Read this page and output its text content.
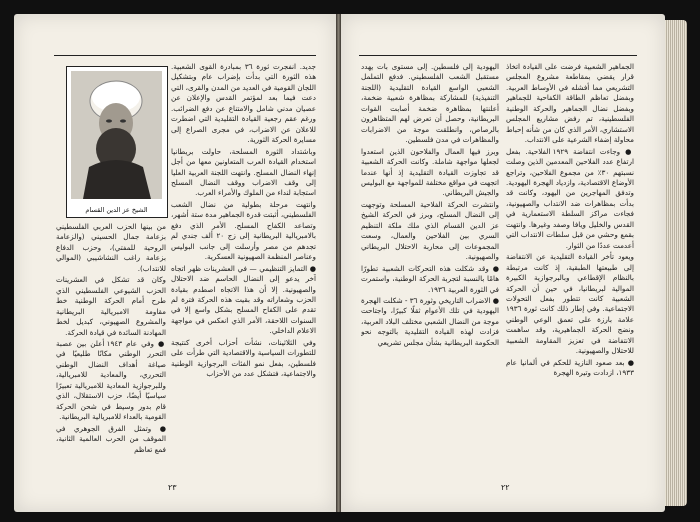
الشيخ عز الدين القسام

جديد. انفجرت ثورة ٣٦ بمبادرة القوى الشعبية. هذه الثورة التي بدأت بإضراب عام وبتشكيل اللجان القومية في العديد من المدن والقرى، التي دعت فيما بعد لمؤتمر القدس والإعلان عن عصيان مدني شامل والامتناع عن دفع الضرائب. ورغم عقم رجعية القيادة التقليدية التي اضطرت للاعلان عن الاضراب، في مجرى الصراع إلى مسايرة الحركة الثورية.

وباشتداد الثورة المسلحة، حاولت بريطانيا استخدام القيادة العرب المتعاونين معها من أجل إنهاء النضال المسلح. وانتهت اللجنة العربية العليا إلى وقف الاضراب ووقف النضال المسلح استجابة لنداء من الملوك والأمراء العرب.

وانتهت مرحلة بطولية من نضال الشعب الفلسطيني، أثبتت قدرة الجماهير مدة ستة أشهر، وتصاعد الكفاح المسلح. الأمر الذي دفع بالامبريالية البريطانية إلى زج ٢٠ ألف جندي لم تجدهم من مصر وأرسلت إلى جانب البوليس وعناصر المنظمة الصهيونية العسكرية.

● التمايز التنظيمي — في العشرينات ظهر اتجاه آخر يدعو إلى النضال الحاسم ضد الاحتلال والصهيونية. إلا أن هذا الاتجاه اصطدم بقيادة الحزب وشعاراته وقد بقيت هذه الحركة فترة لم تقدم على الكفاح المسلح بشكل واسع إلا في السنوات اللاحقة، الأمر الذي انعكس في مواجهة الاعلام الداخلي.

وفي الثلاثينات، نشأت أحزاب أخرى كنتيجة للتطورات السياسية والاقتصادية التي طرأت على فلسطين، بفعل نمو الفئات البرجوازية الوطنية والاجتماعية، فتشكل عدد من الأحزاب

من بينها الحزب العربي الفلسطيني بزعامة جمال الحسيني (والزعامة الروحية للمفتي)، وحزب الدفاع بزعامة راغب النشاشيبي (الموالي للانتداب).

وكان قد تشكل في العشرينات الحزب الشيوعي الفلسطيني الذي طرح أمام الحركة الوطنية خط مقاومة الامبريالية البريطانية والمشروع الصهيوني، كبديل لخط المهادنة السائدة في قيادة الحركة.

● وفي عام ١٩٤٣ أعلن بين عصبة التحرر الوطني مكانًا طليعيًا في صياغة أهداف النضال الوطني التحرري، والمعادية للامبريالية، وللبرجوازية المعادية للامبريالية تعبيرًا سياسيًا أيضًا، حزب الاستقلال، الذي قام بدور وسيط في شحن الحركة القومية بالعداء للامبريالية البريطانية.

● وتمثل الفرق الجوهري في الموقف من الحرب العالمية الثانية، فمع تعاظم

٢٣

الجماهير الشعبية فرضت على القيادة اتخاذ قرار يقضي بمقاطعة مشروع المجلس التشريعي مما أفشله في الأوساط العربية. وبفضل تعاظم الطاقة الكفاحية للجماهير وبفضل نضال الجماهير والحركة الوطنية الفلسطينية، تم رفض مشاريع المجلس الاستشاري، الأمر الذي كان من شأنه إحباط محاولة إضفاء الشرعية على الانتداب.

● وجاءت انتفاضة ١٩٢٩ الفلاحية. بفعل ارتفاع عدد الفلاحين المعدمين الذين وصلت نسبتهم ٣٠٪ من مجموع الفلاحين، وتراجع الأوضاع الاقتصادية، وازدياد الهجرة اليهودية. وتدفق المهاجرين من اليهود، وكانت قد بدأت بمظاهرات ضد الانتداب والصهيونية، فجاءت مراكز السلطة الاستعمارية في القدس والخليل ويافا وصفد وغيرها. وانتهت بقمع وحشي من قبل سلطات الانتداب التي أعدمت عددًا من الثوار.

ويعود تأخر القيادة التقليدية عن الانتفاضة إلى طبيعتها الطبقية، إذ كانت مرتبطة بالنظام الإقطاعي وبالبرجوازية الكبيرة الموالية لبريطانيا، في حين أن الحركة الشعبية كانت تتطور بفعل التحولات الاجتماعية. وفي إطار ذلك كانت ثورة ١٩٣٦ علامة بارزة على تعمق الوعي الوطني ونضج الحركة الجماهيرية، وقد ساهمت الانتفاضة في تعزيز المقاومة الشعبية للاحتلال والصهيونية.

● بعد صعود النازية للحكم في ألمانيا عام ١٩٣٣، ازدادت وتيرة الهجرة

اليهودية إلى فلسطين. إلى مستوى بات يهدد مستقبل الشعب الفلسطيني. فدفع التململ الشعبي الواسع القيادة التقليدية (اللجنة التنفيذية) للمشاركة بمظاهرة شعبية ضخمة، أعلنتها بمظاهرة ضخمة أصابت القوات البريطانية، وحصل أن تعرض لهم المتظاهرون بالرصاص، وانطلقت موجة من الاضرابات والمظاهرات في مدن فلسطين.

وبرز فيها العمال والفلاحون الذين استعدوا لجعلها مواجهة شاملة. وكانت الحركة الشعبية قد تجاوزت القيادة التقليدية إذ أنها عندما اتجهت في مواقع مختلفة للمواجهة مع البوليس والجيش البريطاني.

وانتشرت الحركة الفلاحية المسلحة وتوجهت إلى النضال المسلح، وبرز في الحركة الشيخ عز الدين القسام الذي ملك ملكة التنظيم السري بين الفلاحين والعمال، وسعت المجموعات إلى محاربة الاحتلال البريطاني والصهيونية.

● وقد شكلت هذه التحركات الشعبية تطورًا هامًا بالنسبة لتجربة الحركة الوطنية، واستمرت في الثورة العربية ١٩٣٦.

● الاضراب التاريخي وثورة ٣٦ - شكلت الهجرة اليهودية في تلك الأعوام ثقلًا كبيرًا، واجتاحت موجة من النضال الشعبي مختلف البلاد العربية، فزادت لهذه القيادة التقليدية بالتوجه نحو الحكومة البريطانية بشأن مجلس تشريعي

٢٢
